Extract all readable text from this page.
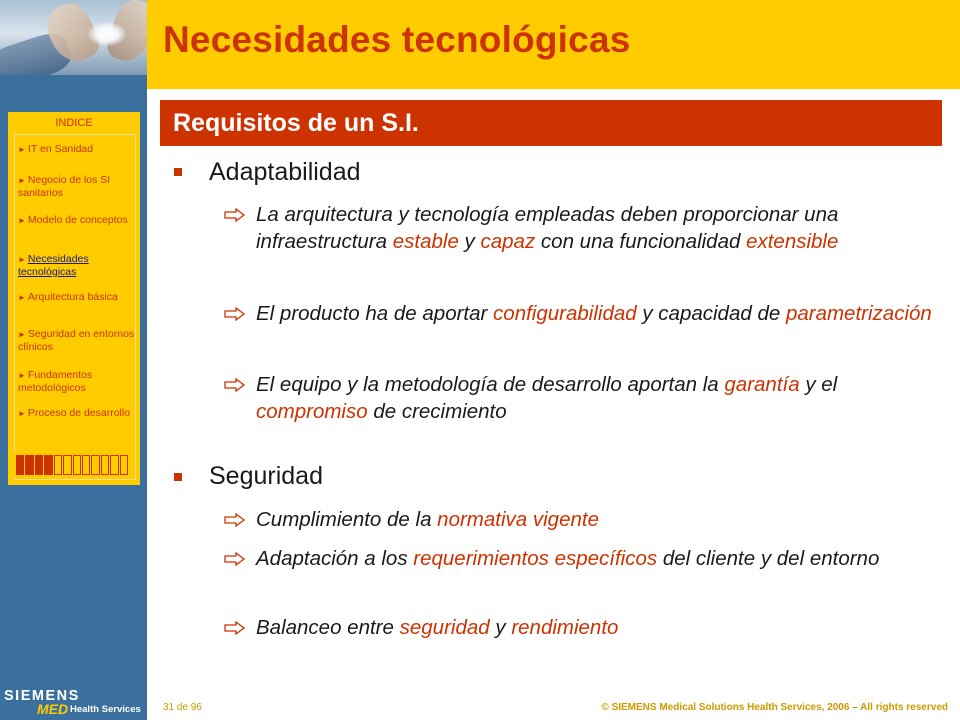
Necesidades tecnológicas
Requisitos de un S.I.
INDICE
► IT en Sanidad
► Negocio de los SI sanitarios
► Modelo de conceptos
► Necesidades tecnológicas
► Arquitectura básica
► Seguridad en entornos clínicos
► Fundamentos metodológicos
► Proceso de desarrollo

Adaptabilidad

La arquitectura y tecnología empleadas deben proporcionar una infraestructura estable y capaz con una funcionalidad extensible

El producto ha de aportar configurabilidad y capacidad de parametrización

El equipo y la metodología de desarrollo aportan la garantía y el compromiso de crecimiento

Seguridad

Cumplimiento de la normativa vigente

Adaptación a los requerimientos específicos del cliente y del entorno

Balanceo entre seguridad y rendimiento

SIEMENS
MED Health Services 31 de 96	© SIEMENS Medical Solutions Health Services, 2006 – All rights reserved
